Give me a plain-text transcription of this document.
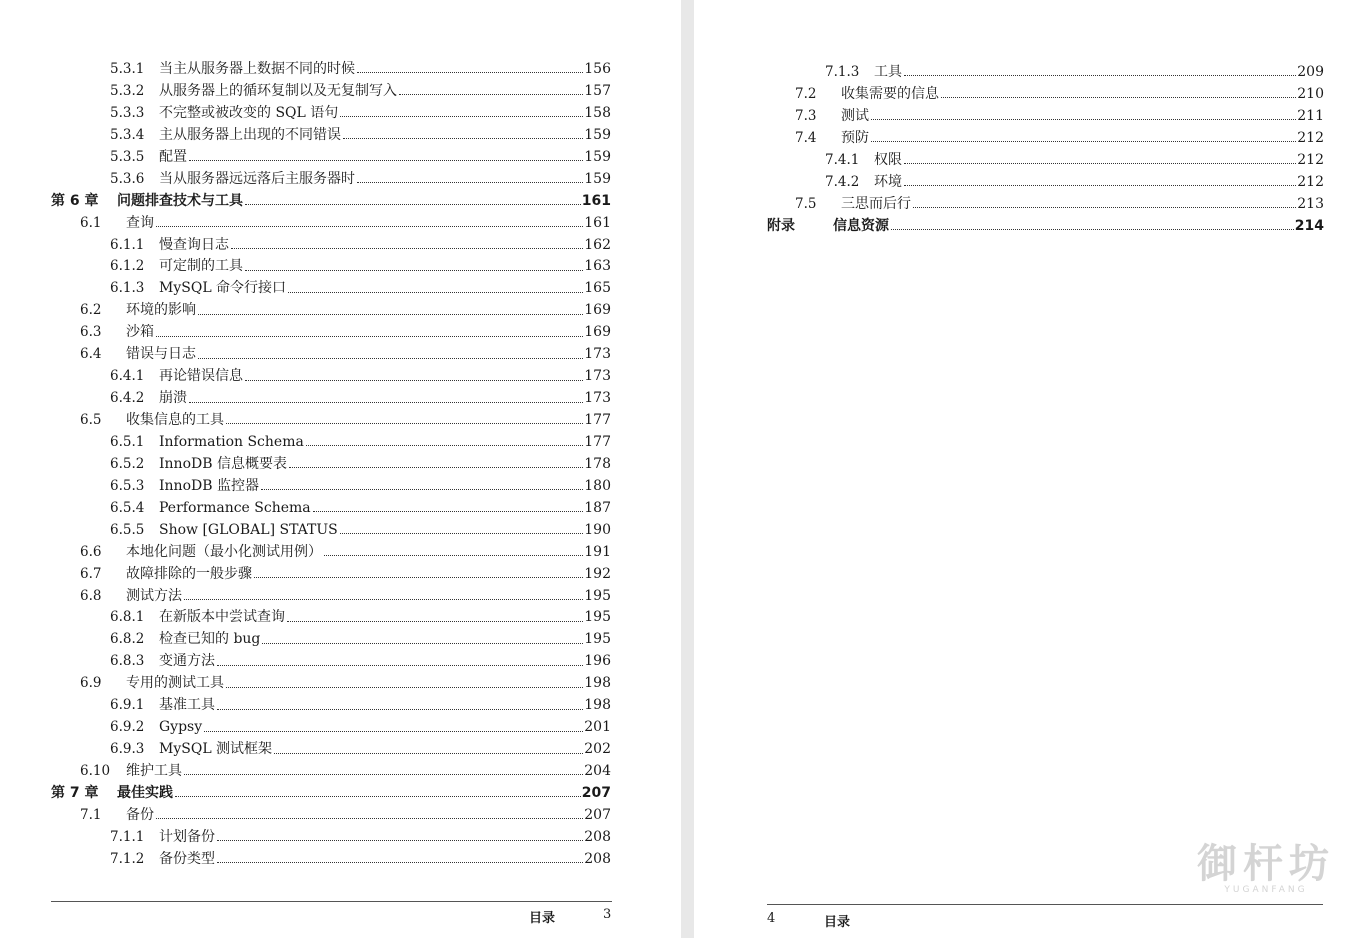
5.3.1 当主从服务器上数据不同的时候	156
5.3.2 从服务器上的循环复制以及无复制写入	157
5.3.3 不完整或被改变的 SQL 语句	158
5.3.4 主从服务器上出现的不同错误	159
5.3.5 配置	159
5.3.6 当从服务器远远落后主服务器时	159
第 6 章	问题排查技术与工具	161
6.1	查询	161
6.1.1 慢查询日志	162
6.1.2 可定制的工具	163
6.1.3 MySQL 命令行接口	165
6.2	环境的影响	169
6.3	沙箱	169
6.4	错误与日志	173
6.4.1 再论错误信息	173
6.4.2 崩溃	173
6.5	收集信息的工具	177
6.5.1 Information Schema	177
6.5.2 InnoDB 信息概要表	178
6.5.3 InnoDB 监控器	180
6.5.4 Performance Schema	187
6.5.5 Show [GLOBAL] STATUS	190
6.6	本地化问题（最小化测试用例）	191
6.7	故障排除的一般步骤	192
6.8	测试方法	195
6.8.1 在新版本中尝试查询	195
6.8.2 检查已知的 bug	195
6.8.3 变通方法	196
6.9	专用的测试工具	198
6.9.1 基准工具	198
6.9.2 Gypsy	201
6.9.3 MySQL 测试框架	202
6.10 维护工具	204
第 7 章	最佳实践	207
7.1	备份	207
7.1.1 计划备份	208
7.1.2 备份类型	208
目录	3
7.1.3 工具	209
7.2	收集需要的信息	210
7.3	测试	211
7.4	预防	212
7.4.1 权限	212
7.4.2 环境	212
7.5	三思而后行	213
附录	信息资源	214
4	目录
御杆坊
YUGANFANG
